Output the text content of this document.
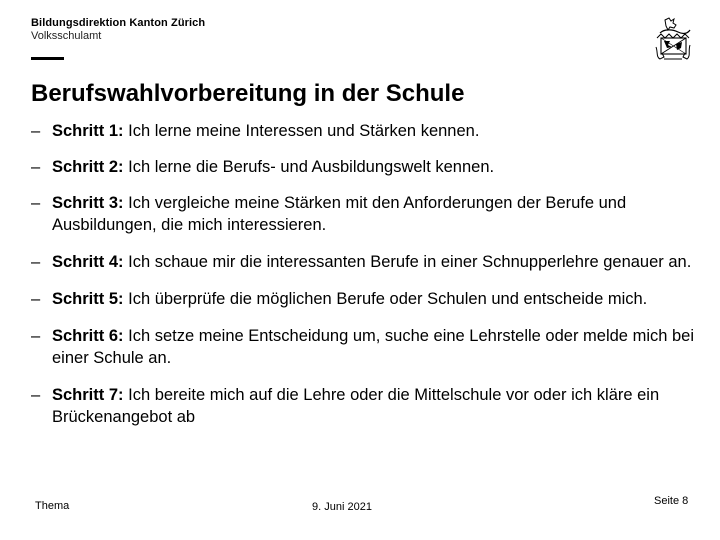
Bildungsdirektion Kanton Zürich
Volksschulamt
Berufswahlvorbereitung in der Schule
– Schritt 1: Ich lerne meine Interessen und Stärken kennen.
– Schritt 2: Ich lerne die Berufs- und Ausbildungswelt kennen.
– Schritt 3: Ich vergleiche meine Stärken mit den Anforderungen der Berufe und Ausbildungen, die mich interessieren.
– Schritt 4: Ich schaue mir die interessanten Berufe in einer Schnupperlehre genauer an.
– Schritt 5: Ich überprüfe die möglichen Berufe oder Schulen und entscheide mich.
– Schritt 6: Ich setze meine Entscheidung um, suche eine Lehrstelle oder melde mich bei einer Schule an.
– Schritt 7: Ich bereite mich auf die Lehre oder die Mittelschule vor oder ich kläre ein Brückenangebot ab
Thema	9. Juni 2021	Seite 8
